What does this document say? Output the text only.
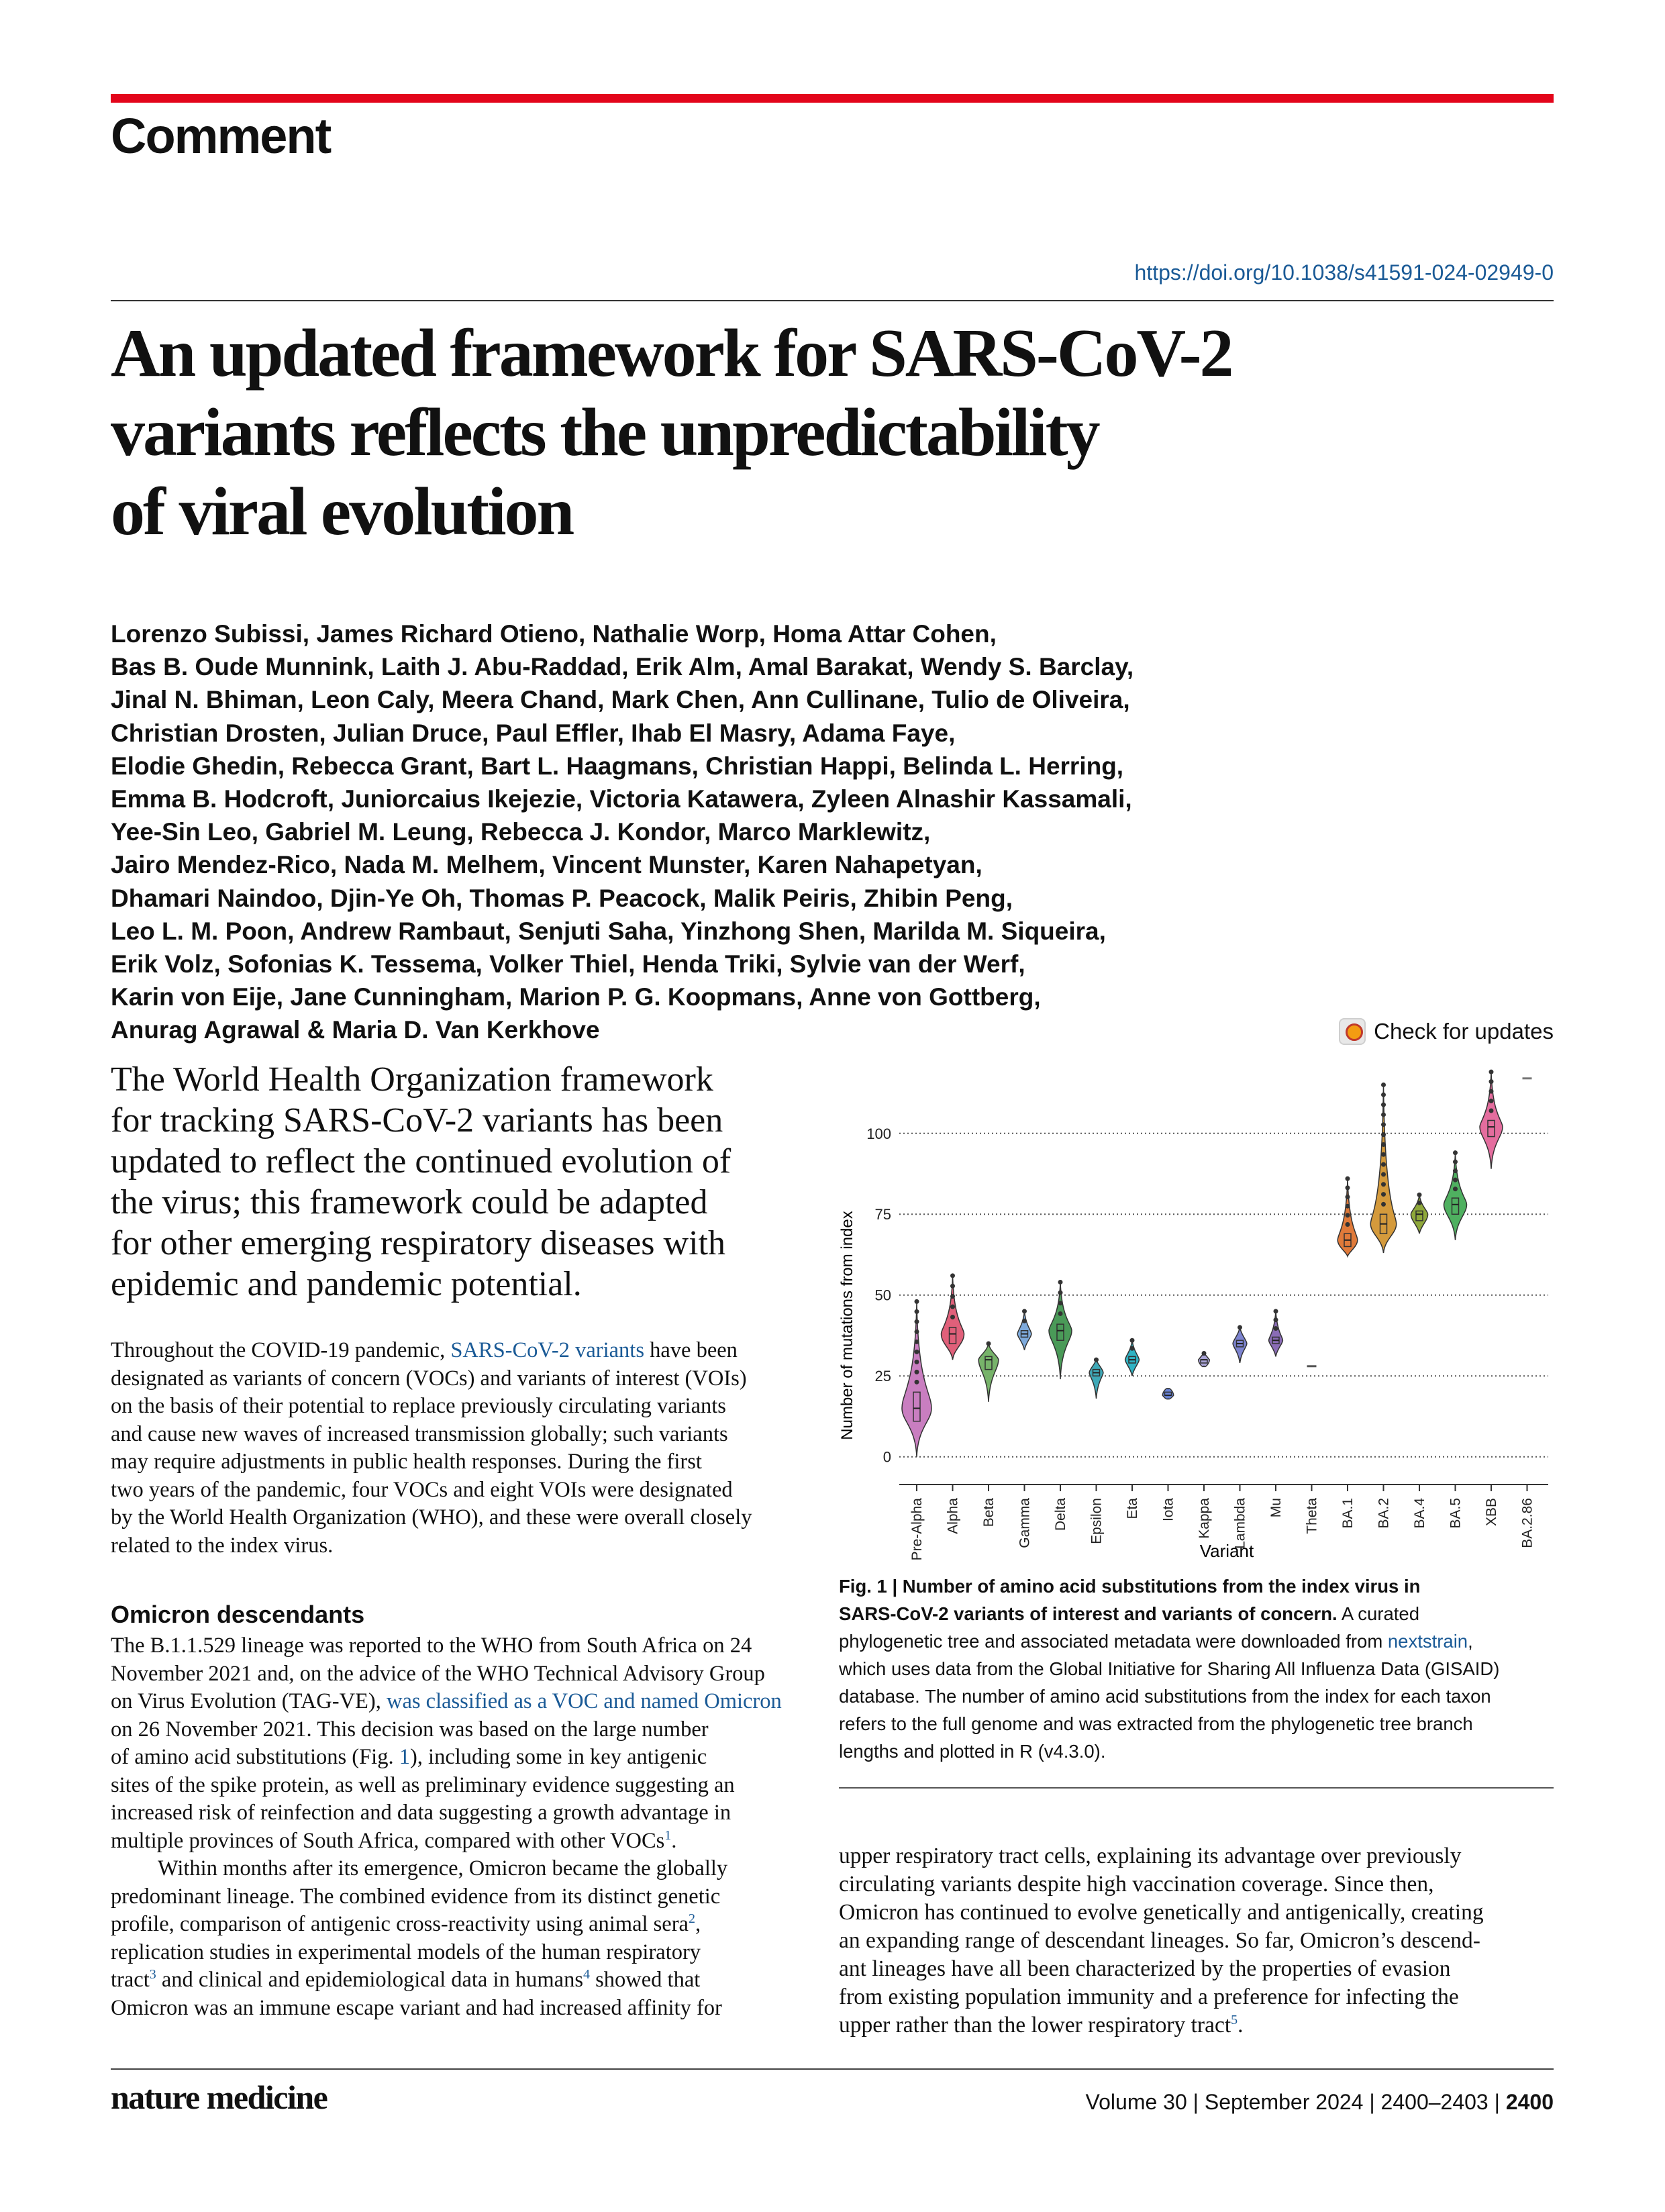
Comment
https://doi.org/10.1038/s41591-024-02949-0
An updated framework for SARS-CoV-2
variants reflects the unpredictability
of viral evolution
Lorenzo Subissi, James Richard Otieno, Nathalie Worp, Homa Attar Cohen,
Bas B. Oude Munnink, Laith J. Abu-Raddad, Erik Alm, Amal Barakat, Wendy S. Barclay,
Jinal N. Bhiman, Leon Caly, Meera Chand, Mark Chen, Ann Cullinane, Tulio de Oliveira,
Christian Drosten, Julian Druce, Paul Effler, Ihab El Masry, Adama Faye,
Elodie Ghedin, Rebecca Grant, Bart L. Haagmans, Christian Happi, Belinda L. Herring,
Emma B. Hodcroft, Juniorcaius Ikejezie, Victoria Katawera, Zyleen Alnashir Kassamali,
Yee-Sin Leo, Gabriel M. Leung, Rebecca J. Kondor, Marco Marklewitz,
Jairo Mendez-Rico, Nada M. Melhem, Vincent Munster, Karen Nahapetyan,
Dhamari Naindoo, Djin-Ye Oh, Thomas P. Peacock, Malik Peiris, Zhibin Peng,
Leo L. M. Poon, Andrew Rambaut, Senjuti Saha, Yinzhong Shen, Marilda M. Siqueira,
Erik Volz, Sofonias K. Tessema, Volker Thiel, Henda Triki, Sylvie van der Werf,
Karin von Eije, Jane Cunningham, Marion P. G. Koopmans, Anne von Gottberg,
Anurag Agrawal & Maria D. Van Kerkhove	Check for updates
The World Health Organization framework
for tracking SARS-CoV-2 variants has been
updated to reflect the continued evolution of
the virus; this framework could be adapted
for other emerging respiratory diseases with
epidemic and pandemic potential.
Throughout the COVID-19 pandemic, SARS-CoV-2 variants have been
designated as variants of concern (VOCs) and variants of interest (VOIs)
on the basis of their potential to replace previously circulating variants
and cause new waves of increased transmission globally; such variants
may require adjustments in public health responses. During the first
two years of the pandemic, four VOCs and eight VOIs were designated
by the World Health Organization (WHO), and these were overall closely
related to the index virus.
Omicron descendants
The B.1.1.529 lineage was reported to the WHO from South Africa on 24
November 2021 and, on the advice of the WHO Technical Advisory Group
on Virus Evolution (TAG-VE), was classified as a VOC and named Omicron
on 26 November 2021. This decision was based on the large number
of amino acid substitutions (Fig. 1), including some in key antigenic
sites of the spike protein, as well as preliminary evidence suggesting an
increased risk of reinfection and data suggesting a growth advantage in
multiple provinces of South Africa, compared with other VOCs$^1$.
Within months after its emergence, Omicron became the globally
predominant lineage. The combined evidence from its distinct genetic
profile, comparison of antigenic cross-reactivity using animal sera$^2$,
replication studies in experimental models of the human respiratory
tract$^3$ and clinical and epidemiological data in humans$^4$ showed that
Omicron was an immune escape variant and had increased affinity for
0
25
50
75
100
Pre-Alpha Alpha Beta Gamma Delta Epsilon Eta Iota Kappa Lambda Mu Theta BA.1 BA.2 BA.4 BA.5 XBB BA.2.86
Number of mutations from index
Variant
Fig. 1 | Number of amino acid substitutions from the index virus in
SARS-CoV-2 variants of interest and variants of concern. A curated
phylogenetic tree and associated metadata were downloaded from nextstrain,
which uses data from the Global Initiative for Sharing All Influenza Data (GISAID)
database. The number of amino acid substitutions from the index for each taxon
refers to the full genome and was extracted from the phylogenetic tree branch
lengths and plotted in R (v4.3.0).
upper respiratory tract cells, explaining its advantage over previously
circulating variants despite high vaccination coverage. Since then,
Omicron has continued to evolve genetically and antigenically, creating
an expanding range of descendant lineages. So far, Omicron’s descend-
ant lineages have all been characterized by the properties of evasion
from existing population immunity and a preference for infecting the
upper rather than the lower respiratory tract$^5$.
nature medicine	Volume 30 | September 2024 | 2400–2403 | 2400
